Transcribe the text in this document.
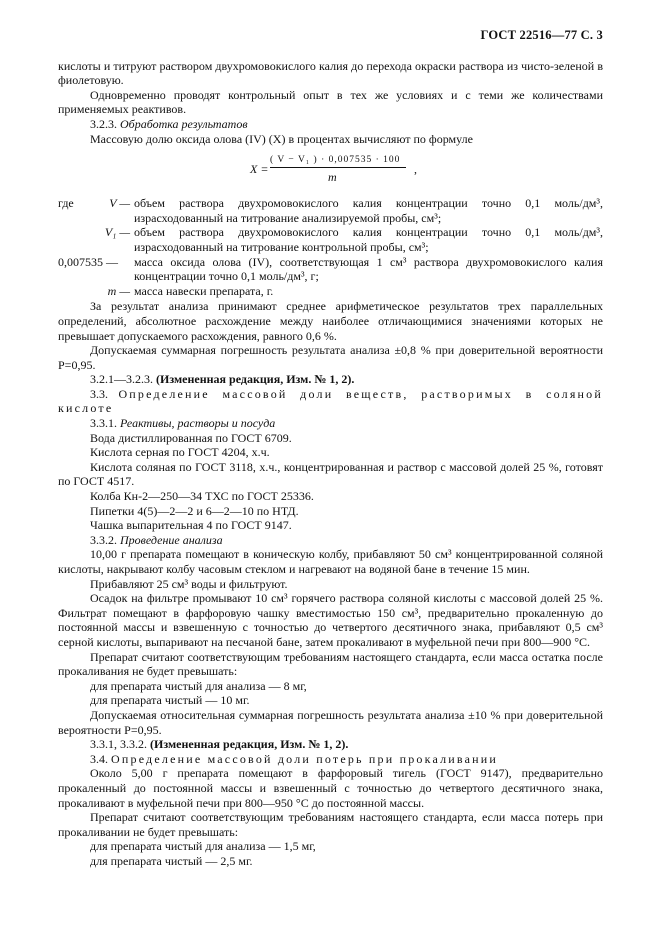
ГОСТ 22516—77 С. 3

кислоты и титруют раствором двухромовокислого калия до перехода окраски раствора из чисто-зеленой в фиолетовую.

Одновременно проводят контрольный опыт в тех же условиях и с теми же количествами применяемых реактивов.

3.2.3. Обработка результатов

Массовую долю оксида олова (IV) (X) в процентах вычисляют по формуле

X =
( V − V₁ ) · 0,007535 · 100
m
,
где	V —	объем раствора двухромовокислого калия концентрации точно 0,1 моль/дм³, израсходованный на титрование анализируемой пробы, см³;
	V₁ —	объем раствора двухромовокислого калия концентрации точно 0,1 моль/дм³, израсходованный на титрование контрольной пробы, см³;
0,007535 —		масса оксида олова (IV), соответствующая 1 см³ раствора двухромовокислого калия концентрации точно 0,1 моль/дм³, г;
	m —	масса навески препарата, г.

За результат анализа принимают среднее арифметическое результатов трех параллельных определений, абсолютное расхождение между наиболее отличающимися значениями которых не превышает допускаемого расхождения, равного 0,6 %.

Допускаемая суммарная погрешность результата анализа ±0,8 % при доверительной вероятности P=0,95.

3.2.1—3.2.3. (Измененная редакция, Изм. № 1, 2).

3.3. Определение массовой доли веществ, растворимых в соляной кислоте

3.3.1. Реактивы, растворы и посуда

Вода дистиллированная по ГОСТ 6709.

Кислота серная по ГОСТ 4204, х.ч.

Кислота соляная по ГОСТ 3118, х.ч., концентрированная и раствор с массовой долей 25 %, готовят по ГОСТ 4517.

Колба Кн-2—250—34 ТХС по ГОСТ 25336.

Пипетки 4(5)—2—2 и 6—2—10 по НТД.

Чашка выпарительная 4 по ГОСТ 9147.

3.3.2. Проведение анализа

10,00 г препарата помещают в коническую колбу, прибавляют 50 см³ концентрированной соляной кислоты, накрывают колбу часовым стеклом и нагревают на водяной бане в течение 15 мин.

Прибавляют 25 см³ воды и фильтруют.

Осадок на фильтре промывают 10 см³ горячего раствора соляной кислоты с массовой долей 25 %. Фильтрат помещают в фарфоровую чашку вместимостью 150 см³, предварительно прокаленную до постоянной массы и взвешенную с точностью до четвертого десятичного знака, прибавляют 0,5 см³ серной кислоты, выпаривают на песчаной бане, затем прокаливают в муфельной печи при 800—900 °С.

Препарат считают соответствующим требованиям настоящего стандарта, если масса остатка после прокаливания не будет превышать:

для препарата чистый для анализа — 8 мг,

для препарата чистый — 10 мг.

Допускаемая относительная суммарная погрешность результата анализа ±10 % при доверительной вероятности P=0,95.

3.3.1, 3.3.2. (Измененная редакция, Изм. № 1, 2).

3.4. Определение массовой доли потерь при прокаливании

Около 5,00 г препарата помещают в фарфоровый тигель (ГОСТ 9147), предварительно прокаленный до постоянной массы и взвешенный с точностью до четвертого десятичного знака, прокаливают в муфельной печи при 800—950 °С до постоянной массы.

Препарат считают соответствующим требованиям настоящего стандарта, если масса потерь при прокаливании не будет превышать:

для препарата чистый для анализа — 1,5 мг,

для препарата чистый — 2,5 мг.
